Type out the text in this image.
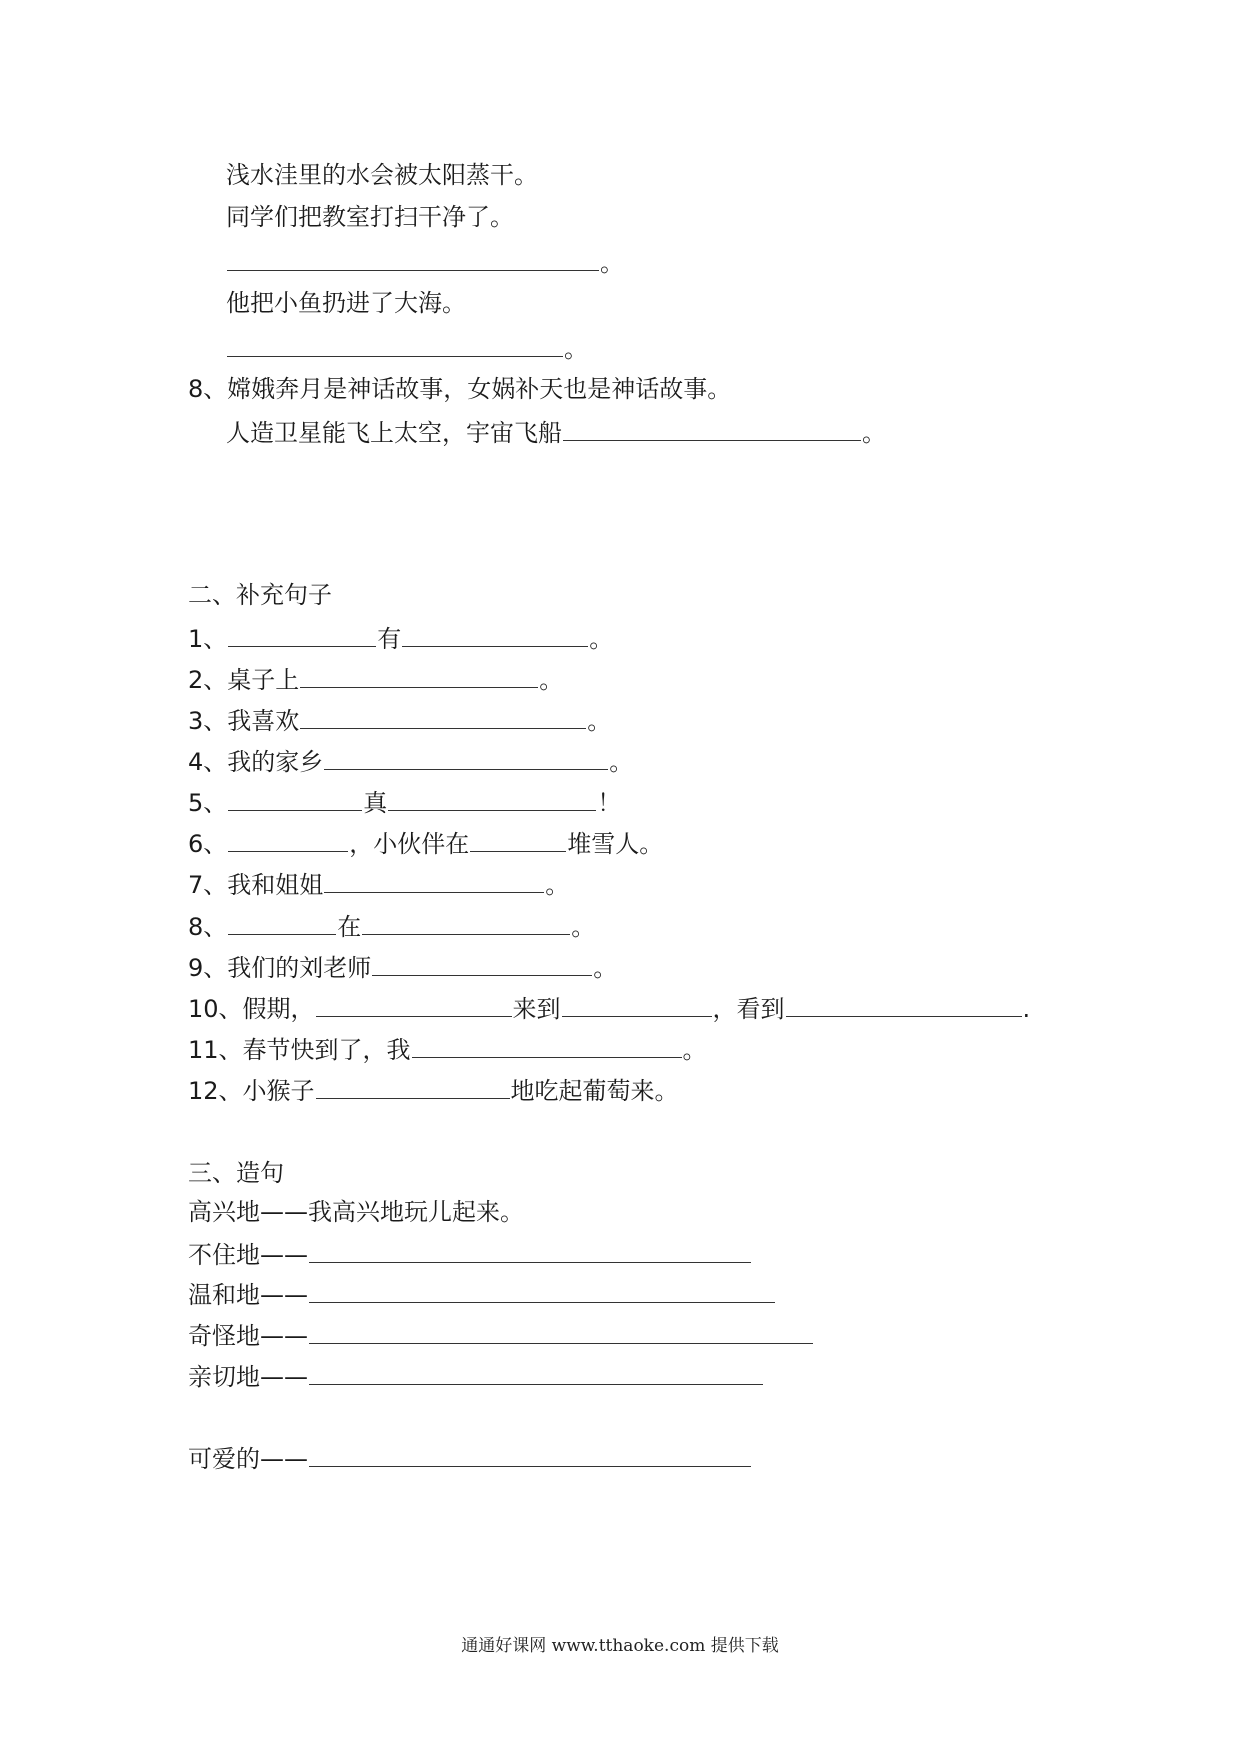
浅水洼里的水会被太阳蒸干。
同学们把教室打扫干净了。
。
他把小鱼扔进了大海。
。
8、嫦娥奔月是神话故事，女娲补天也是神话故事。
人造卫星能飞上太空，宇宙飞船	。
二、补充句子
1、	有	。
2、桌子上	。
3、我喜欢	。
4、我的家乡	。
5、	真	！
6、	，小伙伴在	堆雪人。
7、我和姐姐	。
8、	在	。
9、我们的刘老师	。
10、假期，	来到	，看到	.
11、春节快到了，我	。
12、小猴子	地吃起葡萄来。
三、造句
高兴地——我高兴地玩儿起来。
不住地——
温和地——
奇怪地——
亲切地——
可爱的——
通通好课网 www.tthaoke.com 提供下载
